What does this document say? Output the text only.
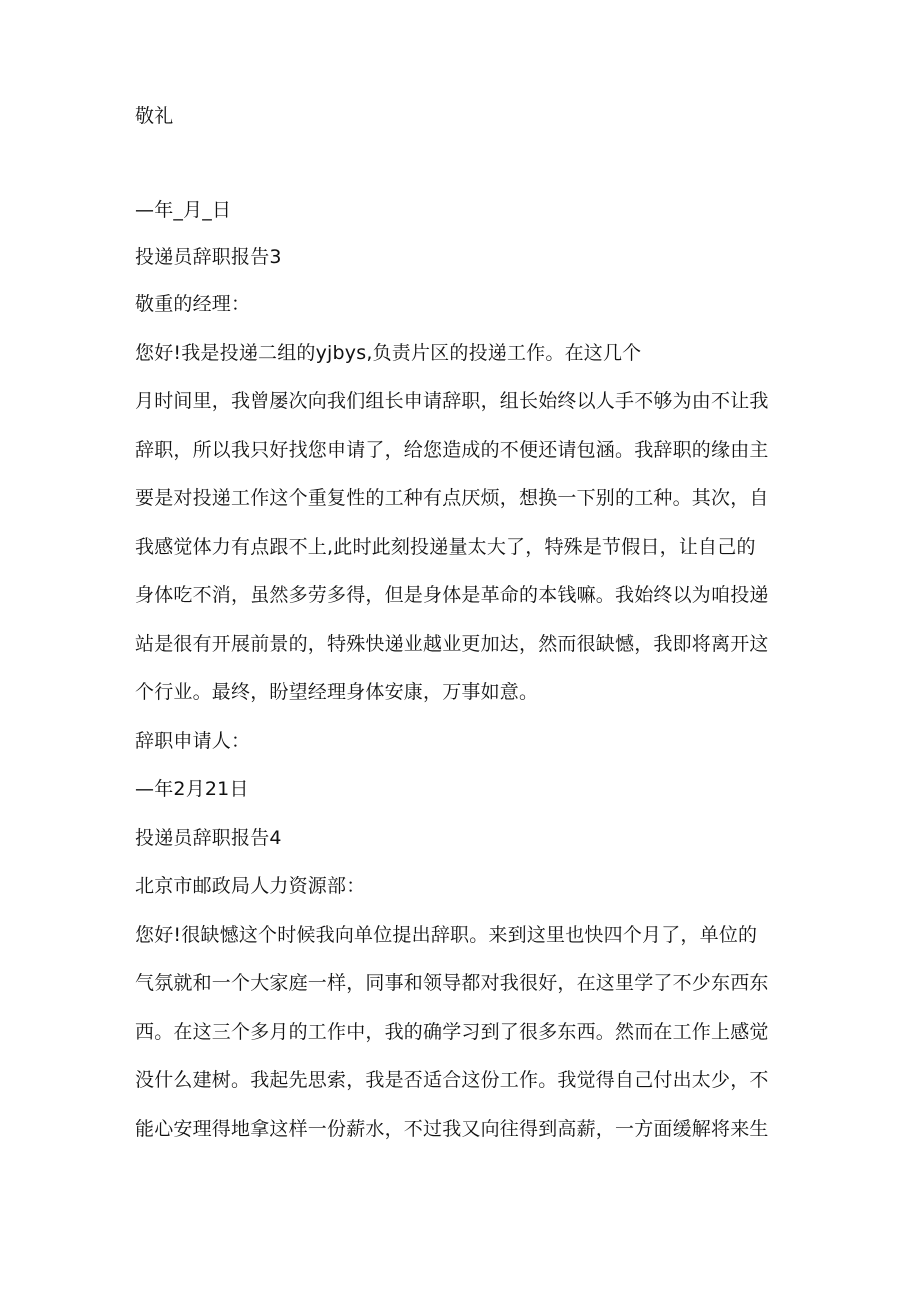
敬礼
—年_月_日
投递员辞职报告3
敬重的经理：
您好!我是投递二组的yjbys,负责片区的投递工作。在这几个
月时间里，我曾屡次向我们组长申请辞职，组长始终以人手不够为由不让我
辞职，所以我只好找您申请了，给您造成的不便还请包涵。我辞职的缘由主
要是对投递工作这个重复性的工种有点厌烦，想换一下别的工种。其次，自
我感觉体力有点跟不上,此时此刻投递量太大了，特殊是节假日，让自己的
身体吃不消，虽然多劳多得，但是身体是革命的本钱嘛。我始终以为咱投递
站是很有开展前景的，特殊快递业越业更加达，然而很缺憾，我即将离开这
个行业。最终，盼望经理身体安康，万事如意。
辞职申请人：
—年2月21日
投递员辞职报告4
北京市邮政局人力资源部：
您好!很缺憾这个时候我向单位提出辞职。来到这里也快四个月了，单位的
气氛就和一个大家庭一样，同事和领导都对我很好，在这里学了不少东西东
西。在这三个多月的工作中，我的确学习到了很多东西。然而在工作上感觉
没什么建树。我起先思索，我是否适合这份工作。我觉得自己付出太少，不
能心安理得地拿这样一份薪水，不过我又向往得到高薪，一方面缓解将来生
